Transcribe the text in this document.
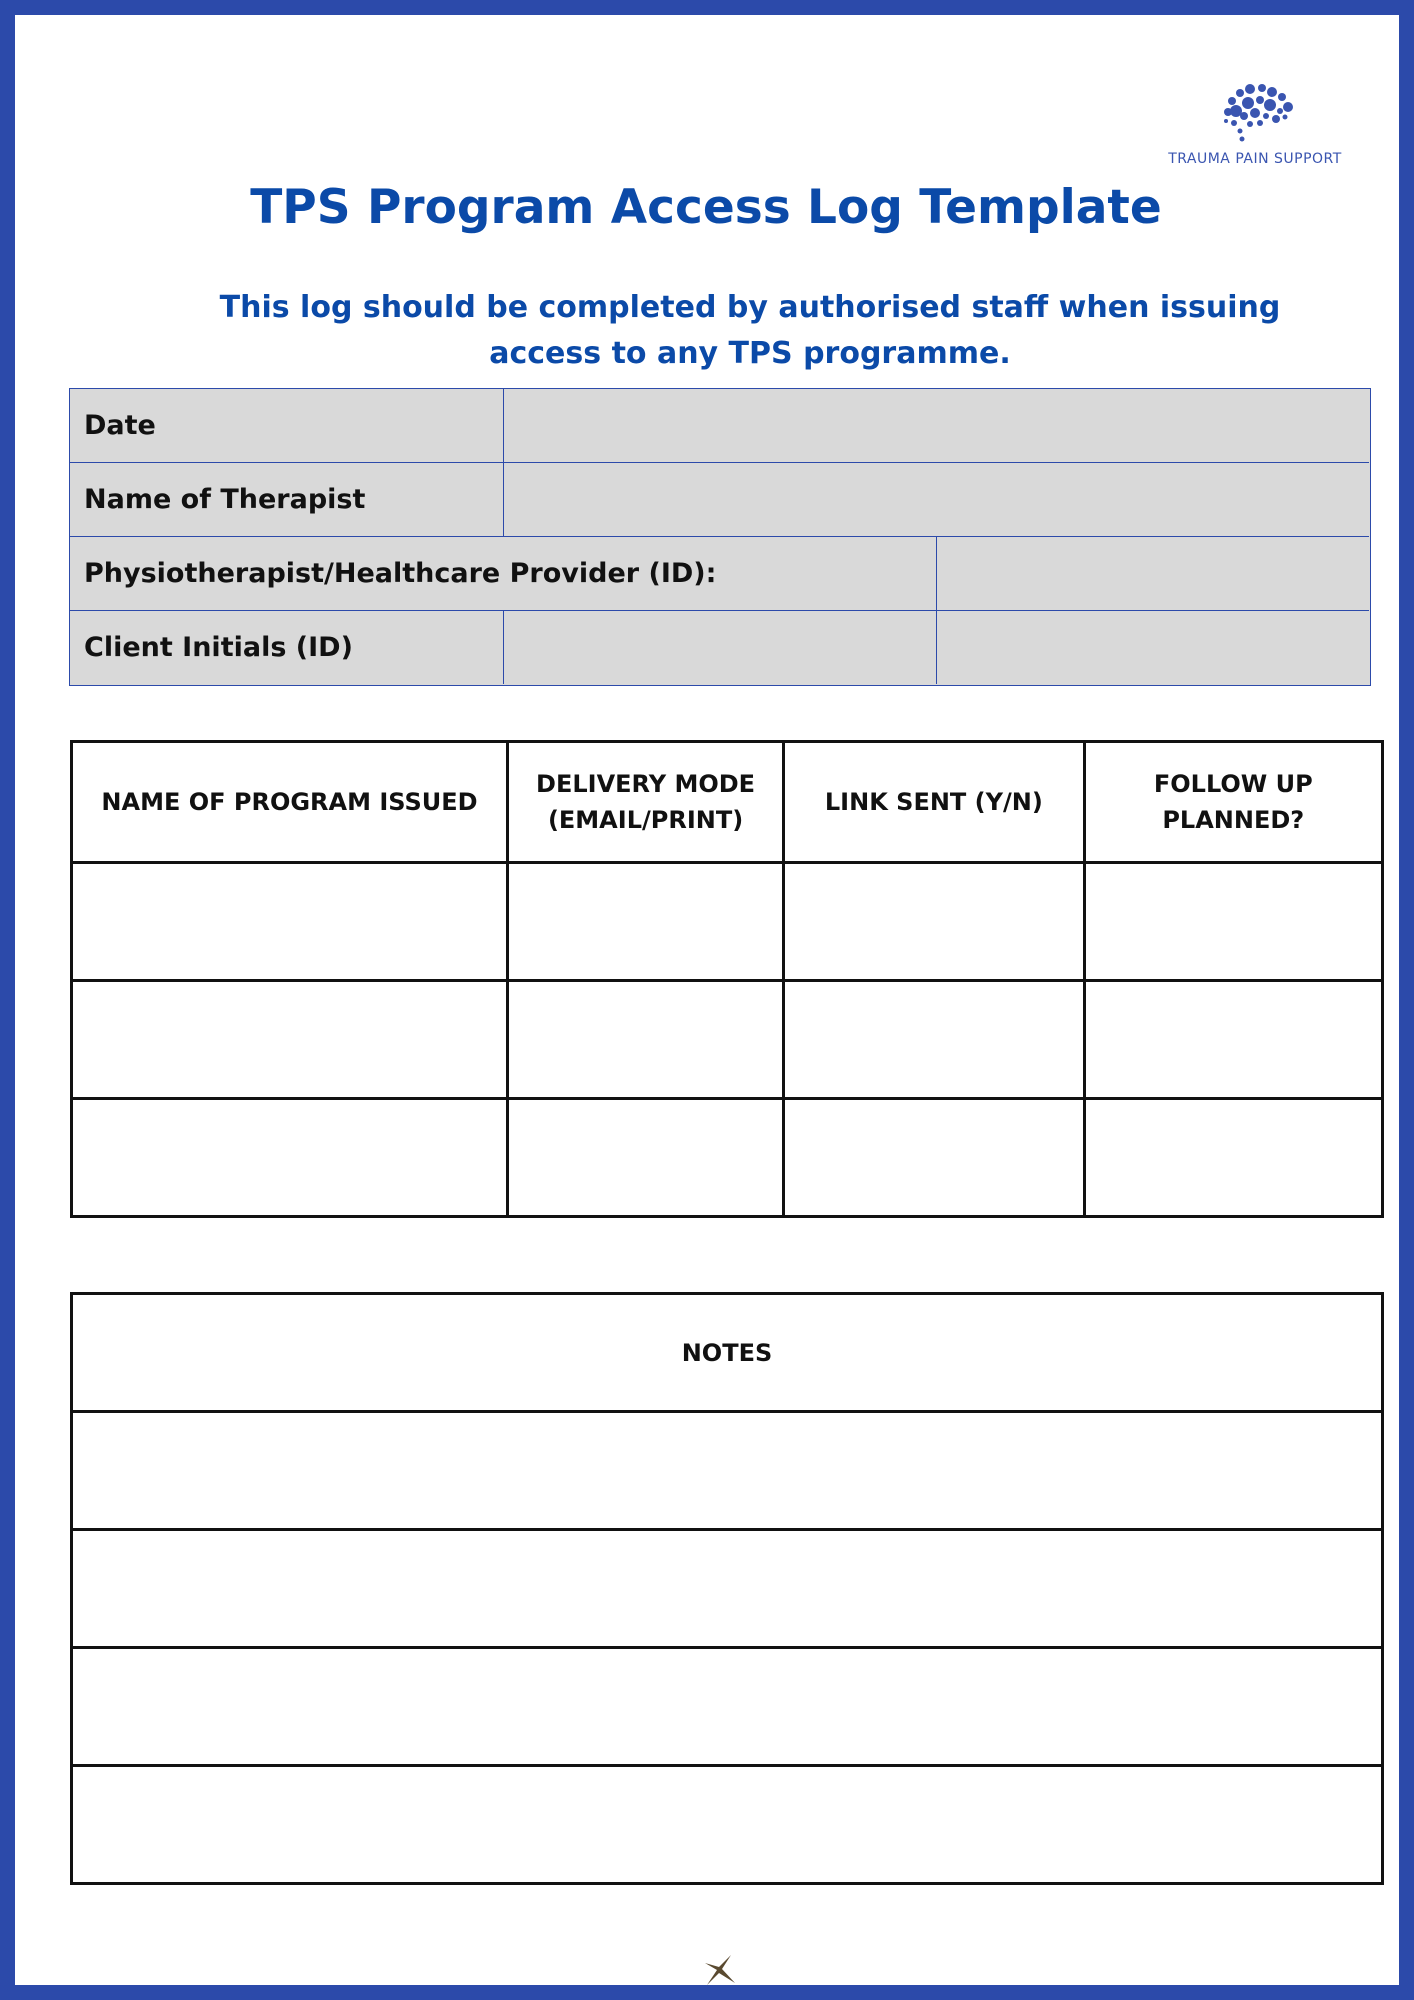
TRAUMA PAIN SUPPORT
TPS Program Access Log Template
This log should be completed by authorised staff when issuing access to any TPS programme.
Date
Name of Therapist
Physiotherapist/Healthcare Provider (ID):
Client Initials (ID)
NAME OF PROGRAM ISSUED	DELIVERY MODE (EMAIL/PRINT)	LINK SENT (Y/N)	FOLLOW UP PLANNED?

NOTES
